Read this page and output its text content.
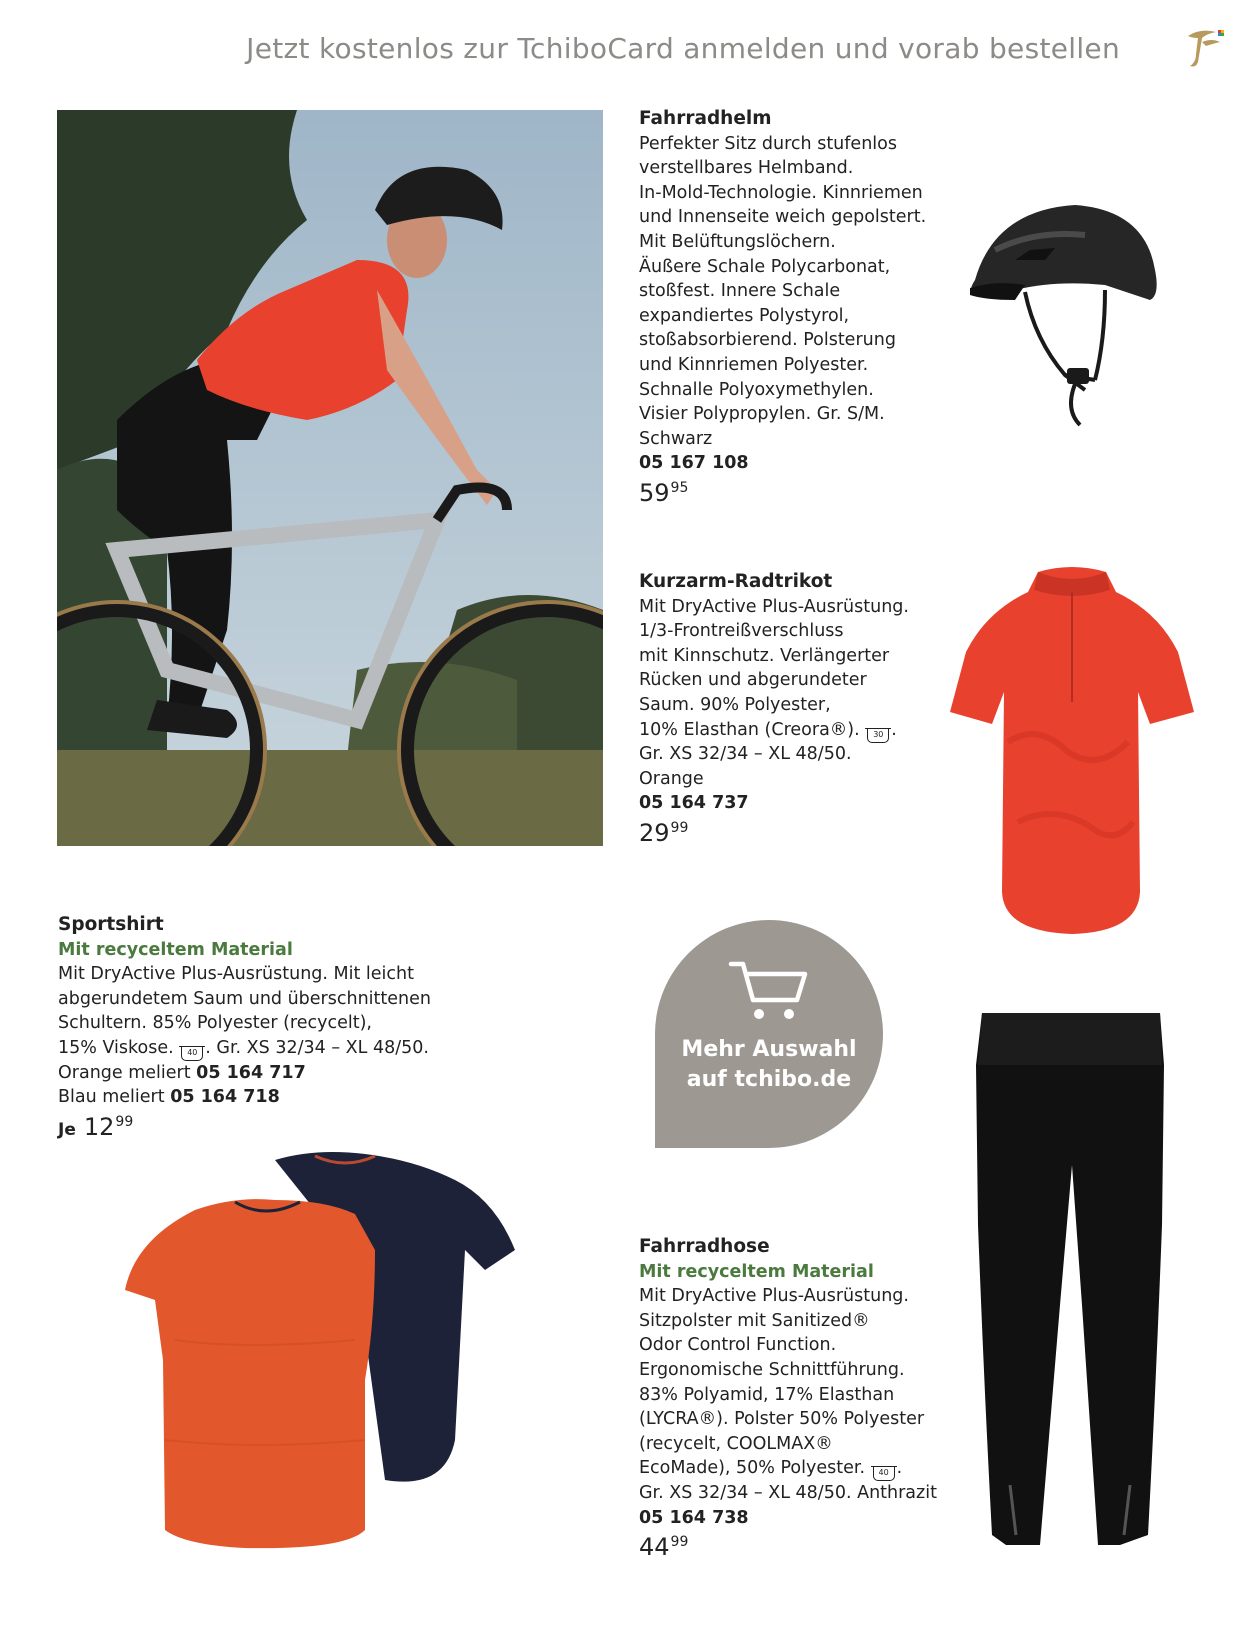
Jetzt kostenlos zur TchiboCard anmelden und vorab bestellen

Fahrradhelm

Perfekter Sitz durch stufenlos

verstellbares Helmband.

In-Mold-Technologie. Kinnriemen

und Innenseite weich gepolstert.

Mit Belüftungslöchern.

Äußere Schale Polycarbonat,

stoßfest. Innere Schale

expandiertes Polystyrol,

stoßabsorbierend. Polsterung

und Kinnriemen Polyester.

Schnalle Polyoxymethylen.

Visier Polypropylen. Gr. S/M.

Schwarz

05 167 108

$59^{95}$

Kurzarm-Radtrikot

Mit DryActive Plus-Ausrüstung.

1/3-Frontreißverschluss

mit Kinnschutz. Verlängerter

Rücken und abgerundeter

Saum. 90% Polyester,

10% Elasthan (Creora®). 30 .

Gr. XS 32/34 – XL 48/50.

Orange

05 164 737

$29^{99}$

Sportshirt

Mit recyceltem Material

Mit DryActive Plus-Ausrüstung. Mit leicht

abgerundetem Saum und überschnittenen

Schultern. 85% Polyester (recycelt),

15% Viskose. 40 . Gr. XS 32/34 – XL 48/50.

Orange meliert 05 164 717

Blau meliert 05 164 718

Je $12^{99}$

Mehr Auswahl
auf tchibo.de

Fahrradhose

Mit recyceltem Material

Mit DryActive Plus-Ausrüstung.

Sitzpolster mit Sanitized®

Odor Control Function.

Ergonomische Schnittführung.

83% Polyamid, 17% Elasthan

(LYCRA®). Polster 50% Polyester

(recycelt, COOLMAX®

EcoMade), 50% Polyester. 40 .

Gr. XS 32/34 – XL 48/50. Anthrazit

05 164 738

$44^{99}$
